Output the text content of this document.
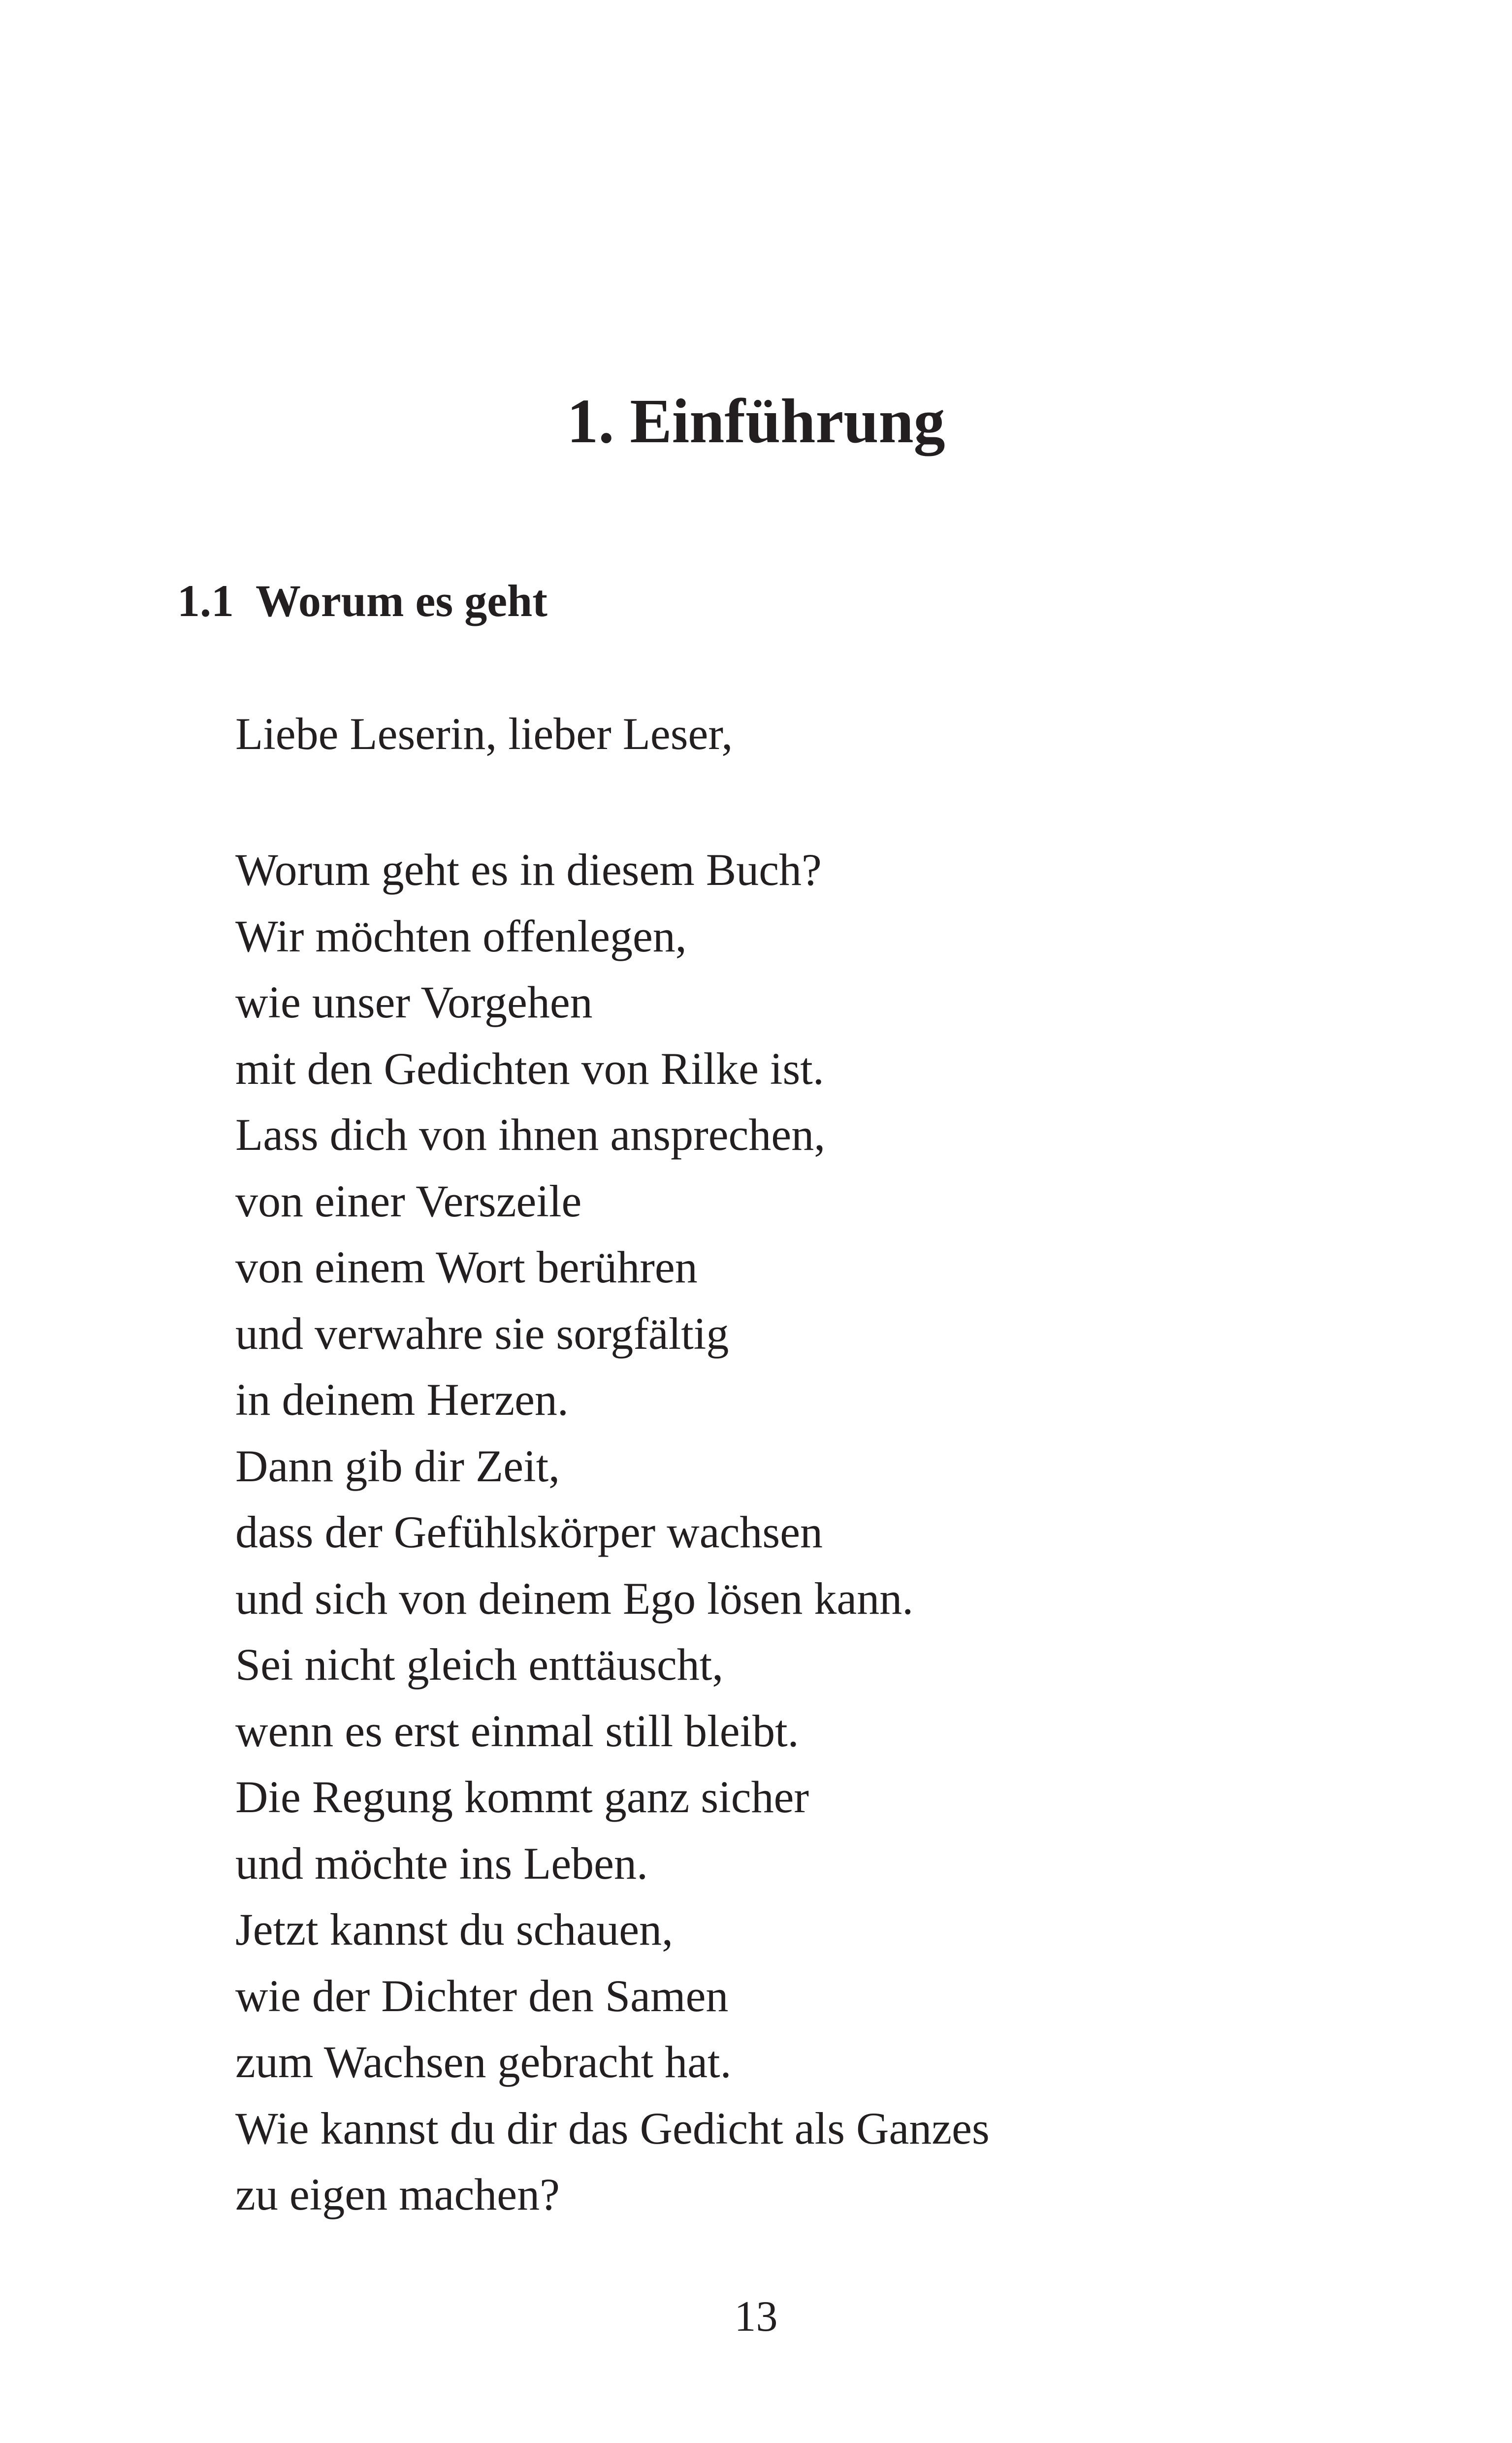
1. Einführung
1.1 Worum es geht

Liebe Leserin, lieber Leser,

Worum geht es in diesem Buch?
Wir möchten offenlegen,
wie unser Vorgehen
mit den Gedichten von Rilke ist.
Lass dich von ihnen ansprechen,
von einer Verszeile
von einem Wort berühren
und verwahre sie sorgfältig
in deinem Herzen.
Dann gib dir Zeit,
dass der Gefühlskörper wachsen
und sich von deinem Ego lösen kann.
Sei nicht gleich enttäuscht,
wenn es erst einmal still bleibt.
Die Regung kommt ganz sicher
und möchte ins Leben.
Jetzt kannst du schauen,
wie der Dichter den Samen
zum Wachsen gebracht hat.
Wie kannst du dir das Gedicht als Ganzes
zu eigen machen?
13
